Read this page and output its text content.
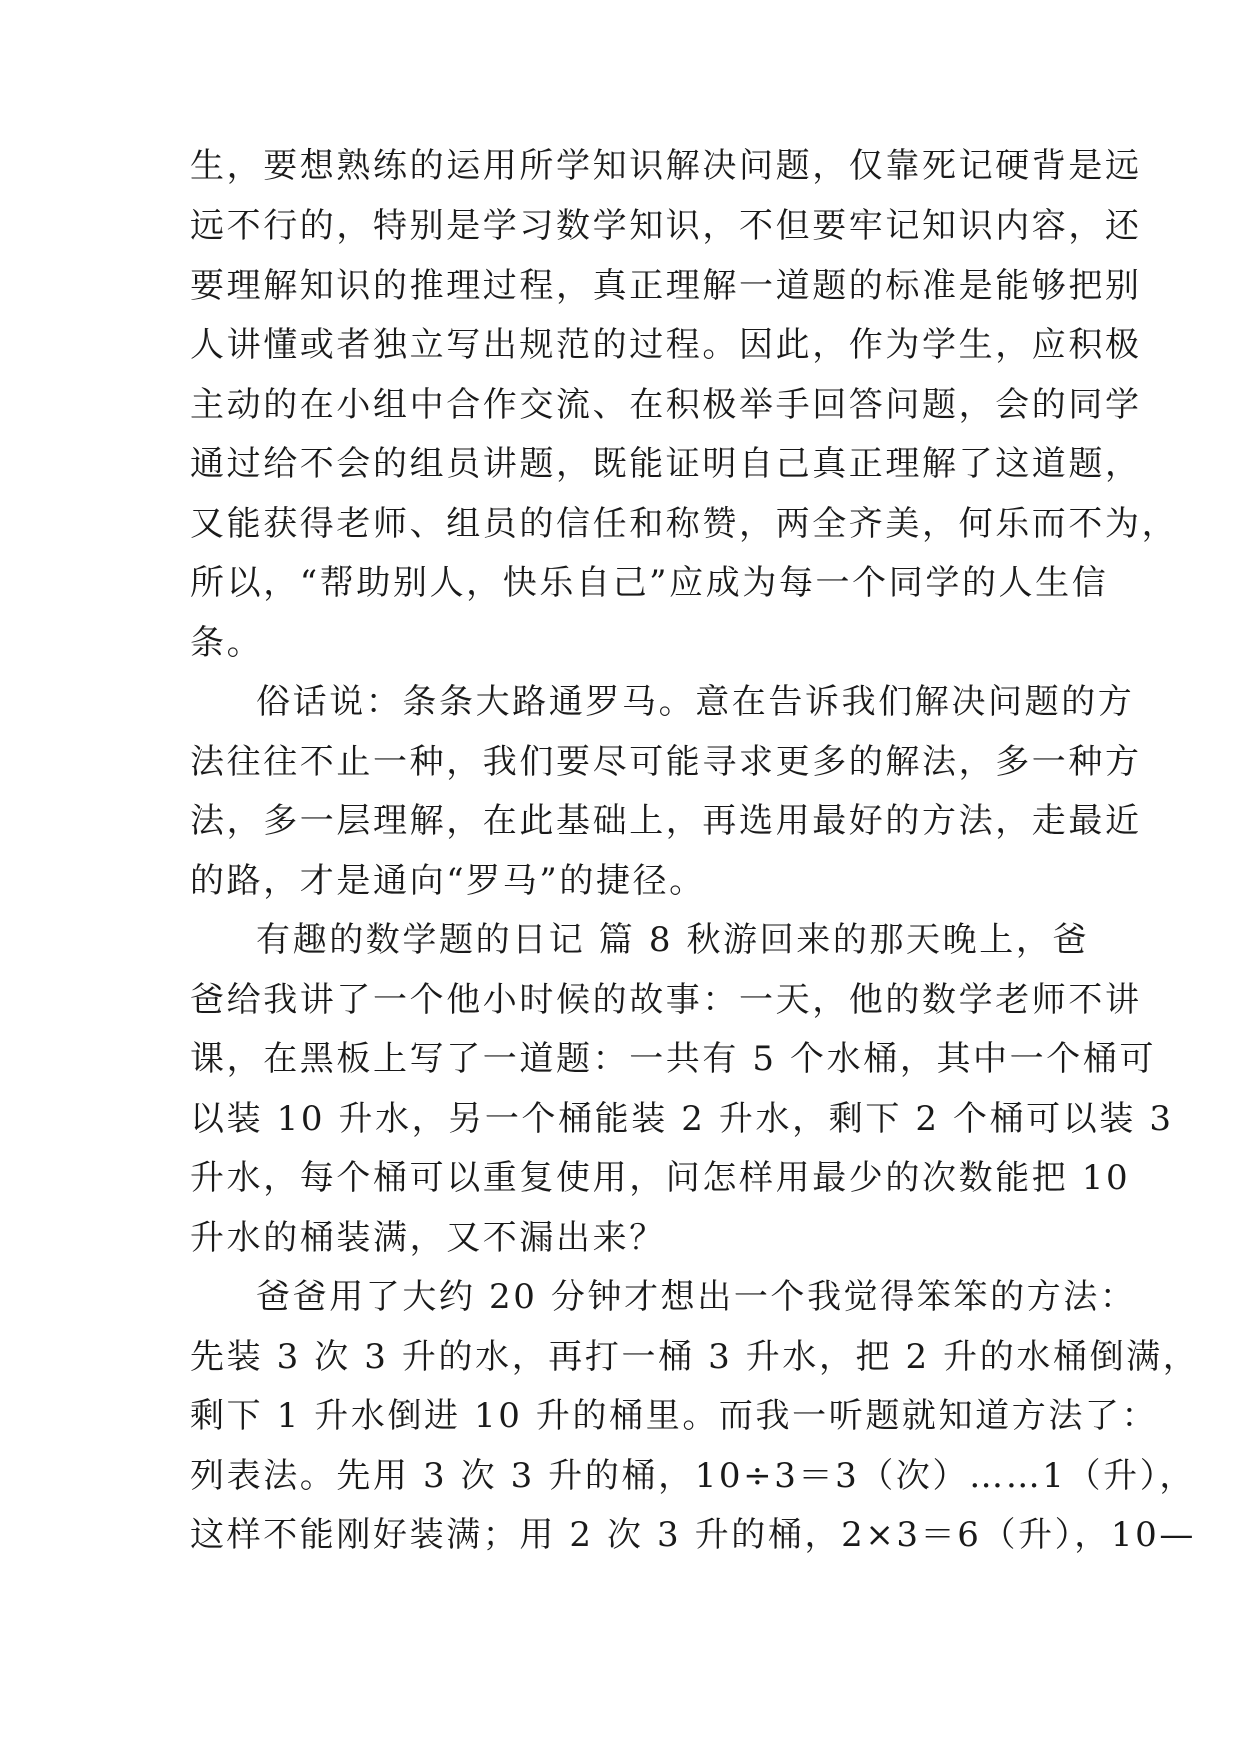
生，要想熟练的运用所学知识解决问题，仅靠死记硬背是远
远不行的，特别是学习数学知识，不但要牢记知识内容，还
要理解知识的推理过程，真正理解一道题的标准是能够把别
人讲懂或者独立写出规范的过程。因此，作为学生，应积极
主动的在小组中合作交流、在积极举手回答问题，会的同学
通过给不会的组员讲题，既能证明自己真正理解了这道题，
又能获得老师、组员的信任和称赞，两全齐美，何乐而不为，
所以，“帮助别人，快乐自己”应成为每一个同学的人生信
条。
俗话说：条条大路通罗马。意在告诉我们解决问题的方
法往往不止一种，我们要尽可能寻求更多的解法，多一种方
法，多一层理解，在此基础上，再选用最好的方法，走最近
的路，才是通向“罗马”的捷径。
有趣的数学题的日记 篇 8 秋游回来的那天晚上，爸
爸给我讲了一个他小时候的故事：一天，他的数学老师不讲
课，在黑板上写了一道题：一共有 5 个水桶，其中一个桶可
以装 10 升水，另一个桶能装 2 升水，剩下 2 个桶可以装 3
升水，每个桶可以重复使用，问怎样用最少的次数能把 10
升水的桶装满，又不漏出来？
爸爸用了大约 20 分钟才想出一个我觉得笨笨的方法：
先装 3 次 3 升的水，再打一桶 3 升水，把 2 升的水桶倒满，
剩下 1 升水倒进 10 升的桶里。而我一听题就知道方法了：
列表法。先用 3 次 3 升的桶，10÷3＝3（次）……1（升），
这样不能刚好装满；用 2 次 3 升的桶，2×3＝6（升），10—
